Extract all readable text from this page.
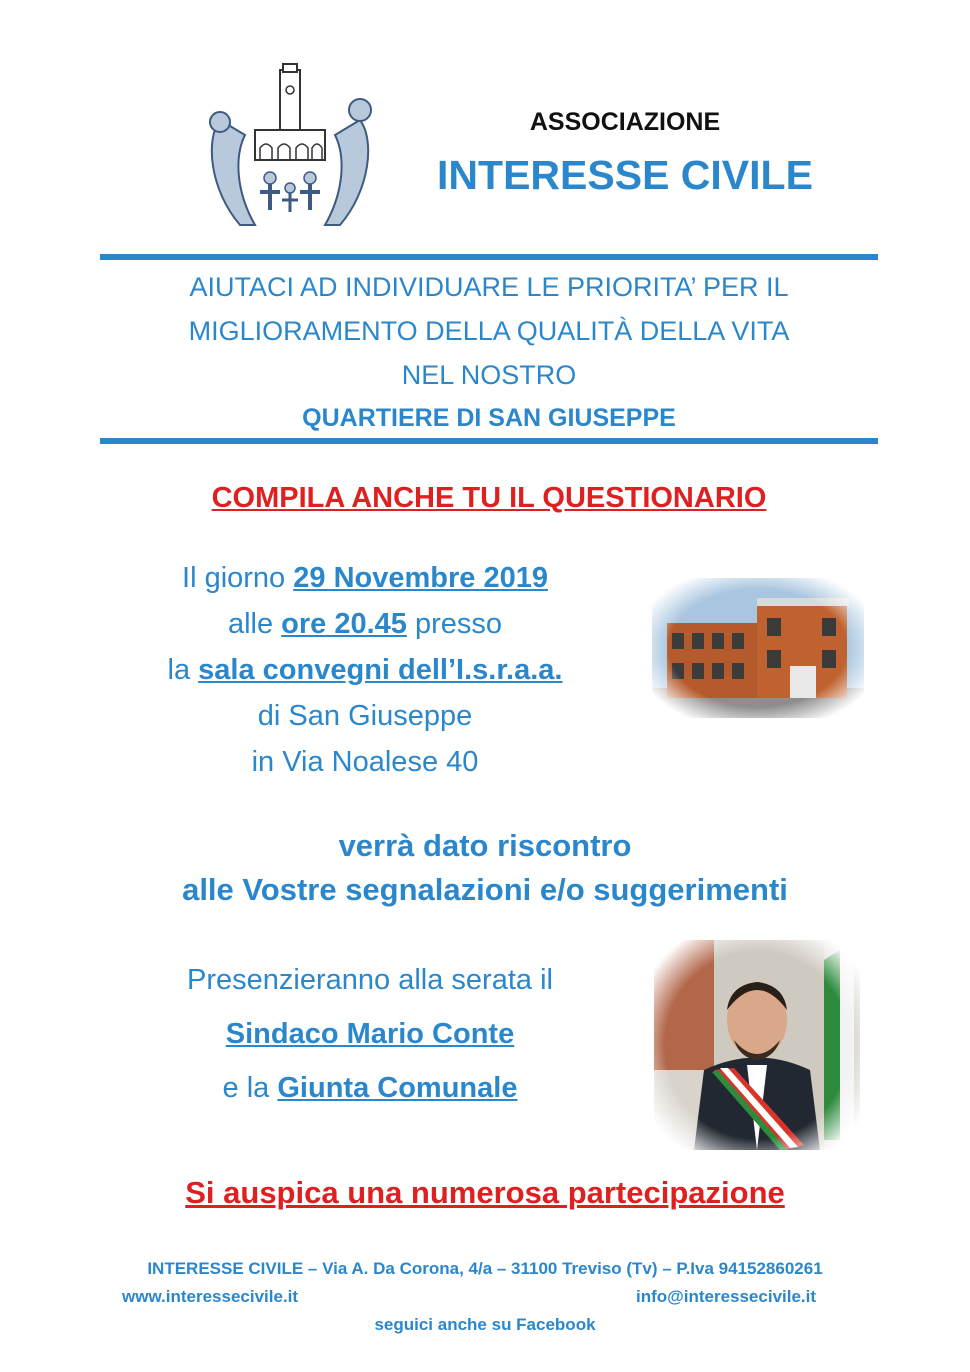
ASSOCIAZIONE
INTERESSE CIVILE
AIUTACI AD INDIVIDUARE LE PRIORITA’ PER IL
MIGLIORAMENTO DELLA QUALITÀ DELLA VITA
NEL NOSTRO
QUARTIERE DI SAN GIUSEPPE
COMPILA ANCHE TU IL QUESTIONARIO
Il giorno 29 Novembre 2019
alle ore 20.45 presso
la sala convegni dell’I.s.r.a.a.
di San Giuseppe
in Via Noalese 40
verrà dato riscontro
alle Vostre segnalazioni e/o suggerimenti
Presenzieranno alla serata il
Sindaco Mario Conte
e la Giunta Comunale
Si auspica una numerosa partecipazione
INTERESSE CIVILE – Via A. Da Corona, 4/a – 31100 Treviso (Tv) – P.Iva 94152860261
www.interessecivile.it	info@interessecivile.it
seguici anche su Facebook
